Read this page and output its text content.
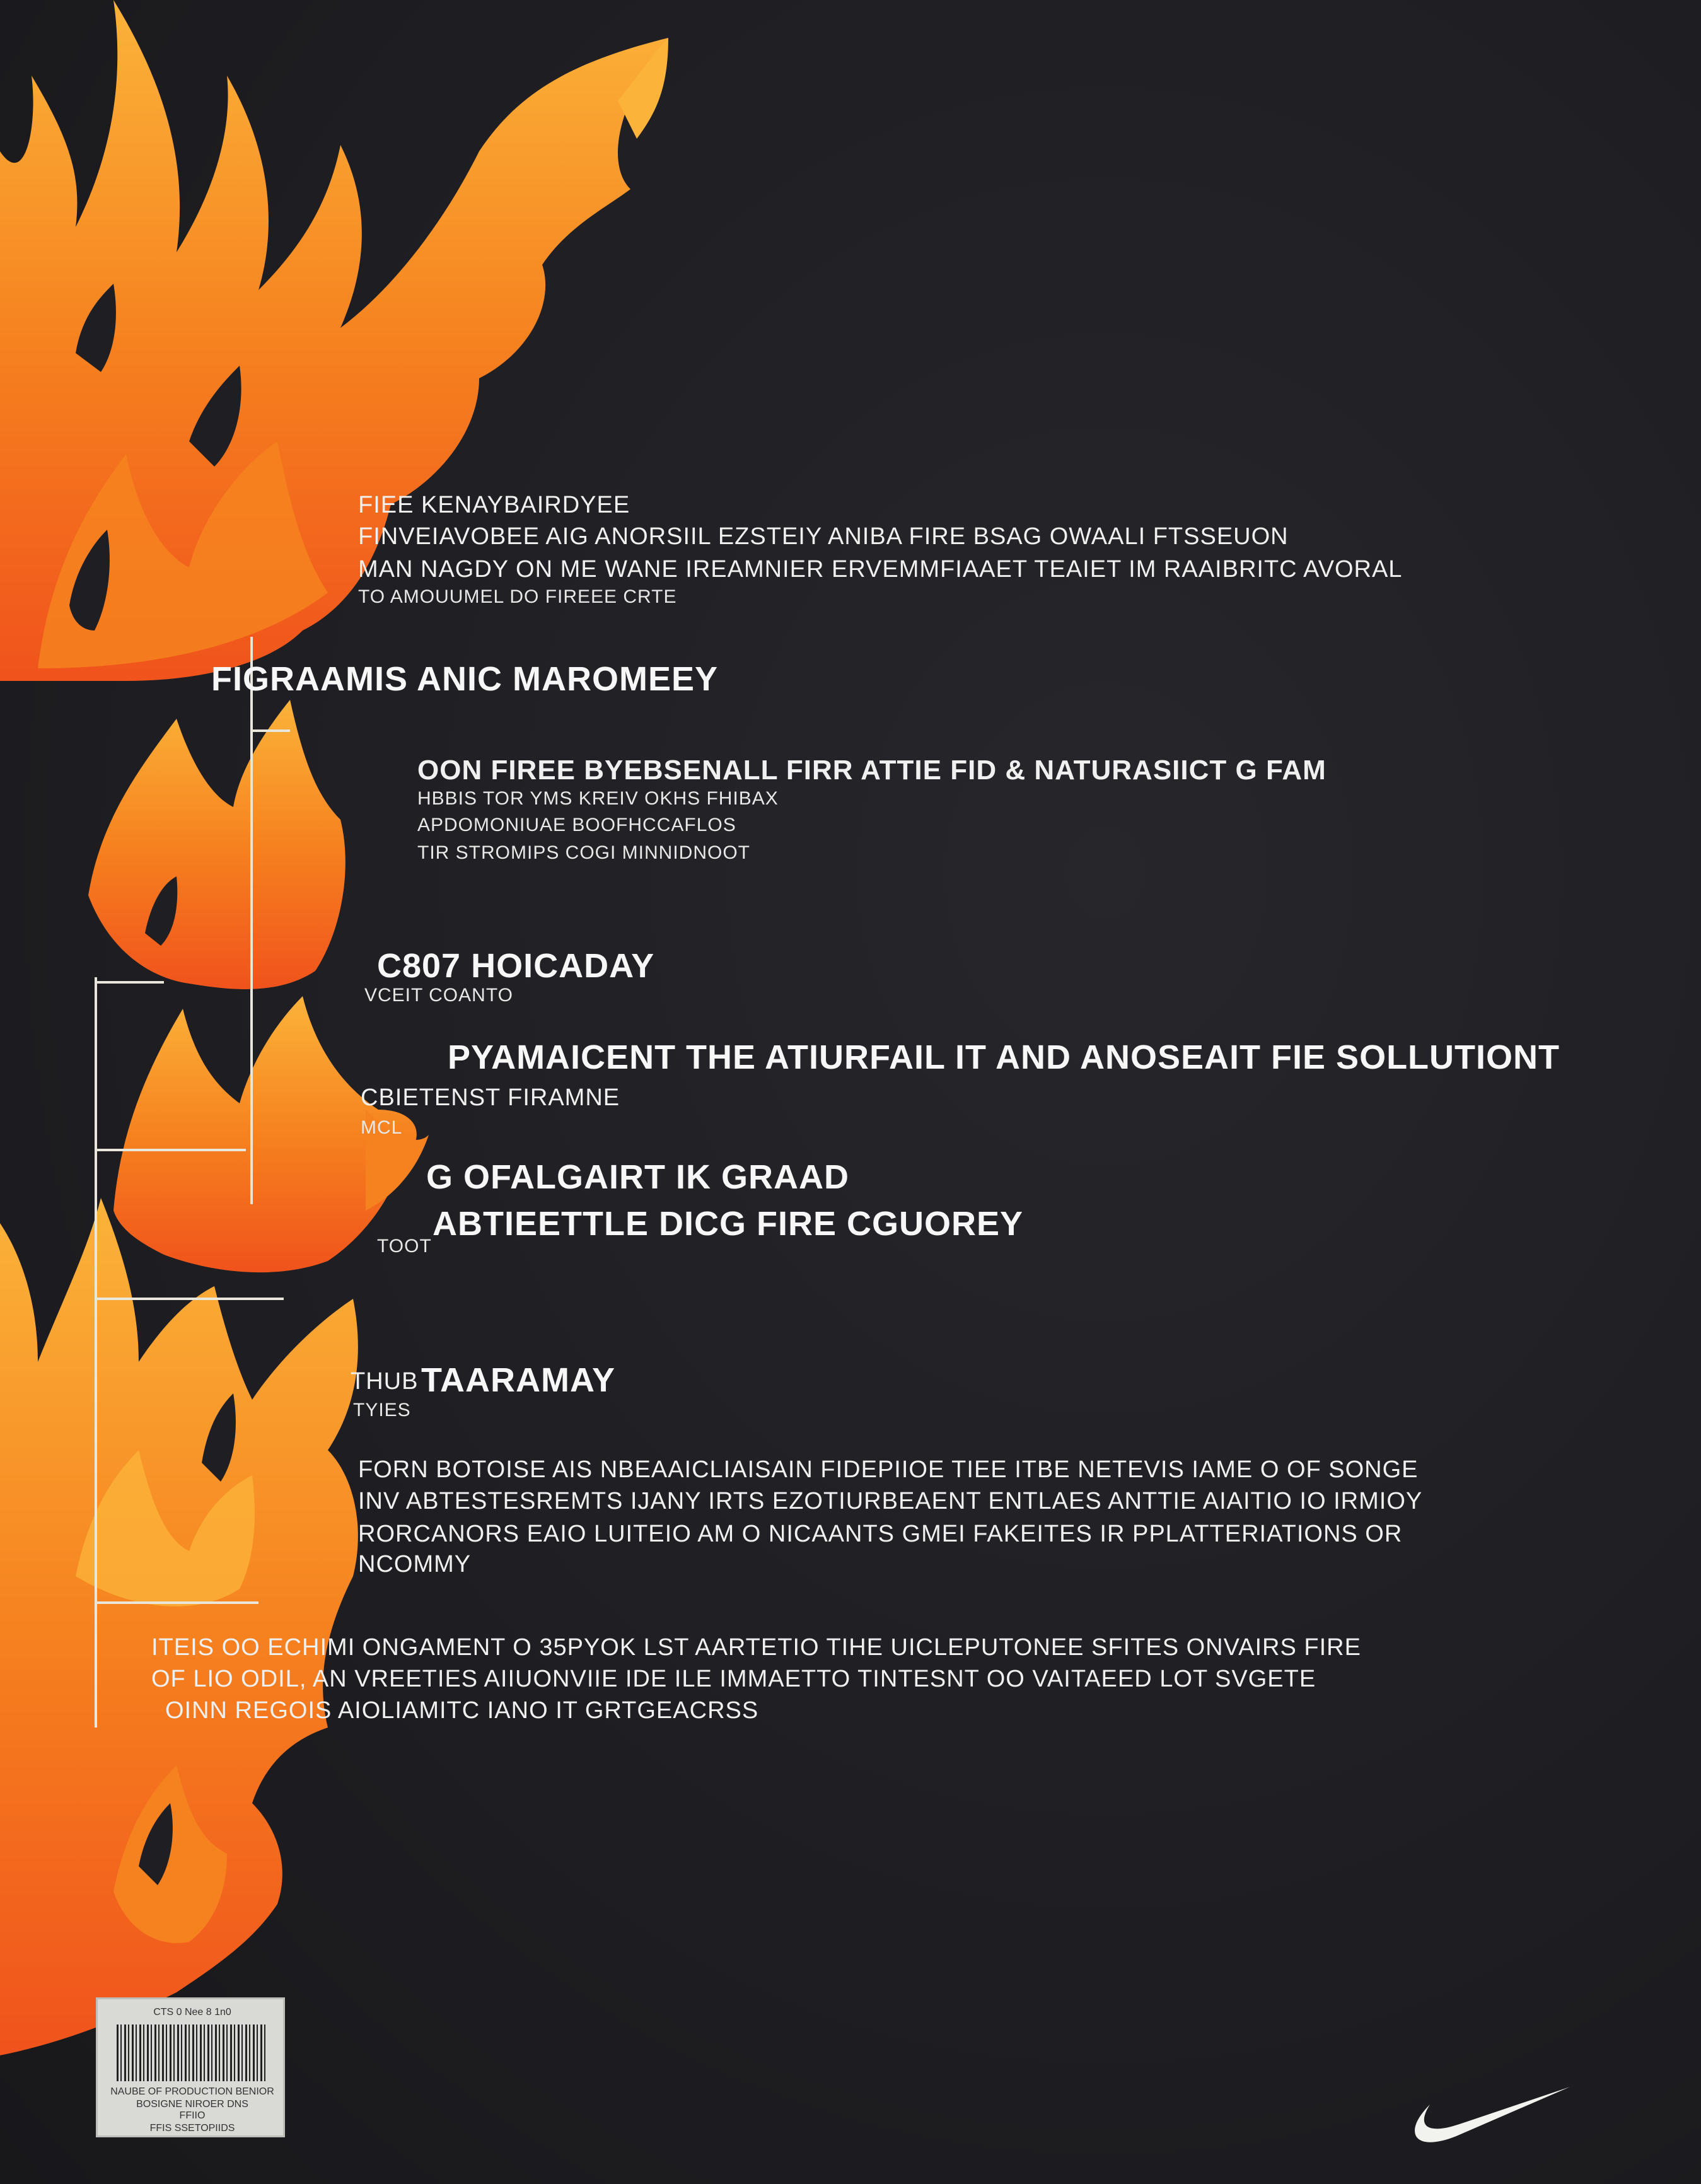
FIEE KENAYBAIRDYEE
FINVEIAVOBEE AIG ANORSIIL EZSTEIY ANIBA FIRE BSAG OWAALI FTSSEUON
MAN NAGDY ON ME WANE IREAMNIER ERVEMMFIAAET TEAIET IM RAAIBRITC AVORAL
TO AMOUUMEL DO FIREEE CRTE
FIGRAAMIS ANIC MAROMEEY
OON FIREE BYEBSENALL FIRR ATTIE FID & NATURASIICT G FAM
HBBIS TOR YMS KREIV OKHS FHIBAX
APDOMONIUAE BOOFHCCAFLOS
TIR STROMIPS COGI MINNIDNOOT
C807 HOICADAY
VCEIT COANTO
PYAMAICENT THE ATIURFAIL IT AND ANOSEAIT FIE SOLLUTIONT
CBIETENST FIRAMNE
MCL
G OFALGAIRT IK GRAAD
ABTIEETTLE DICG FIRE CGUOREY
TOOT
THUB TAARAMAY
TYIES
FORN BOTOISE AIS NBEAAICLIAISAIN FIDEPIIOE TIEE ITBE NETEVIS IAME O OF SONGE
INV ABTESTESREMTS IJANY IRTS EZOTIURBEAENT ENTLAES ANTTIE AIAITIO IO IRMIOY
RORCANORS EAIO LUITEIO AM O NICAANTS GMEI FAKEITES IR PPLATTERIATIONS OR
NCOMMY
ITEIS OO ECHIMI ONGAMENT O 35PYOK LST AARTETIO TIHE UICLEPUTONEE SFITES ONVAIRS FIRE
OF LIO ODIL, AN VREETIES AIIUONVIIE IDE ILE IMMAETTO TINTESNT OO VAITAEED LOT SVGETE
OINN REGOIS AIOLIAMITC IANO IT GRTGEACRSS
CTS 0 Nee 8 1n0
NAUBE OF PRODUCTION BENIOR
BOSIGNE NIROER DNS
FFIIO
FFIS SSETOPIIDS
